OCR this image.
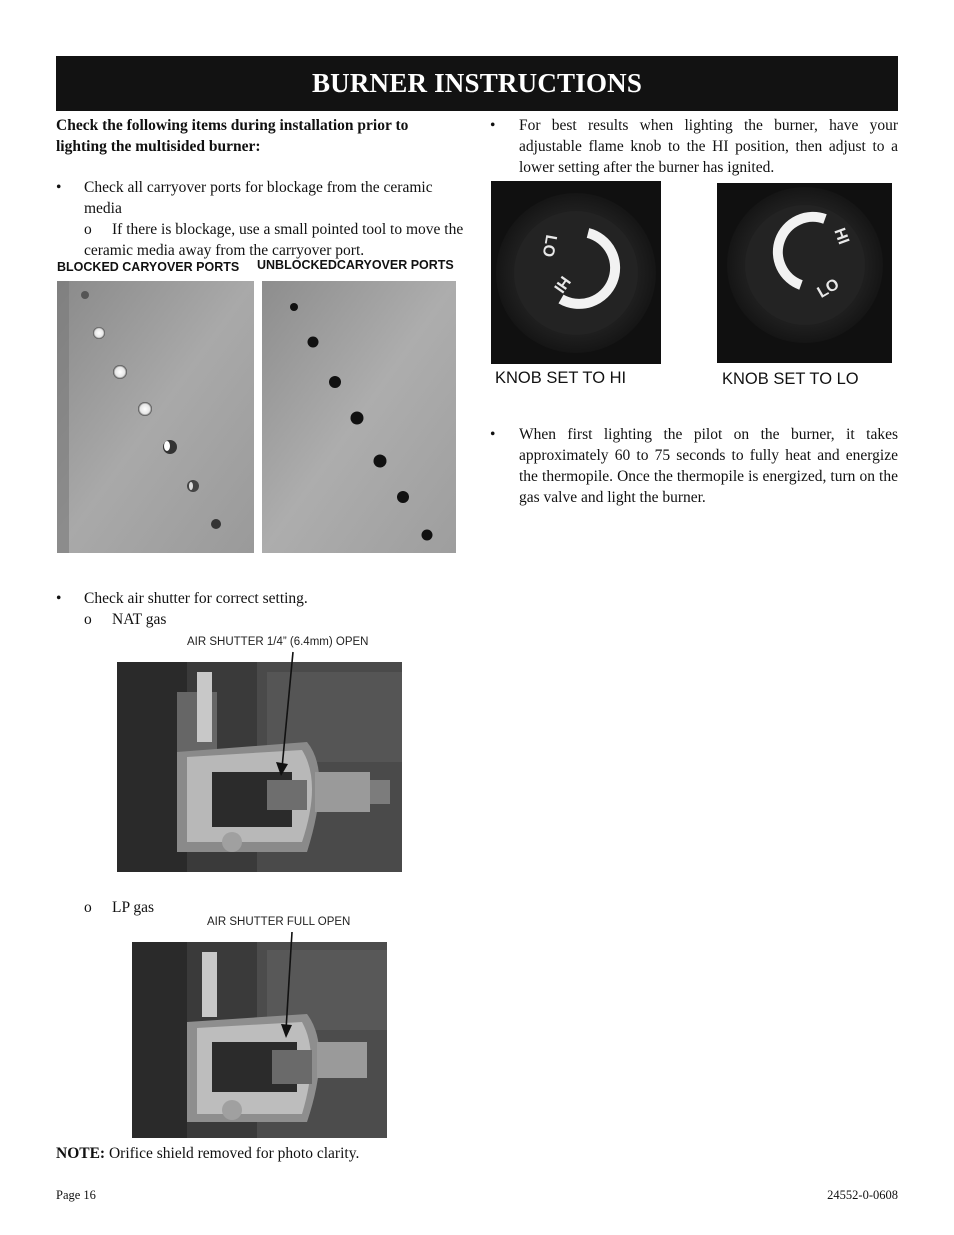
BURNER INSTRUCTIONS
Check the following items during installation prior to lighting the multisided burner:
• Check all carryover ports for blockage from the ceramic media
o	If there is blockage, use a small pointed tool to move the ceramic media away from the carryover port.
BLOCKED CARYOVER PORTS UNBLOCKEDCARYOVER PORTS
• Check air shutter for correct setting.
o NAT gas
AIR SHUTTER 1/4” (6.4mm) OPEN
o LP gas
AIR SHUTTER FULL OPEN
NOTE: Orifice shield removed for photo clarity.
• For best results when lighting the burner, have your adjustable flame knob to the HI position, then adjust to a lower setting after the burner has ignited.
LO
HI
HI
LO
KNOB SET TO HI	KNOB SET TO LO
• When first lighting the pilot on the burner, it takes approximately 60 to 75 seconds to fully heat and energize the thermopile. Once the thermopile is energized, turn on the gas valve and light the burner.
Page 16	24552-0-0608
